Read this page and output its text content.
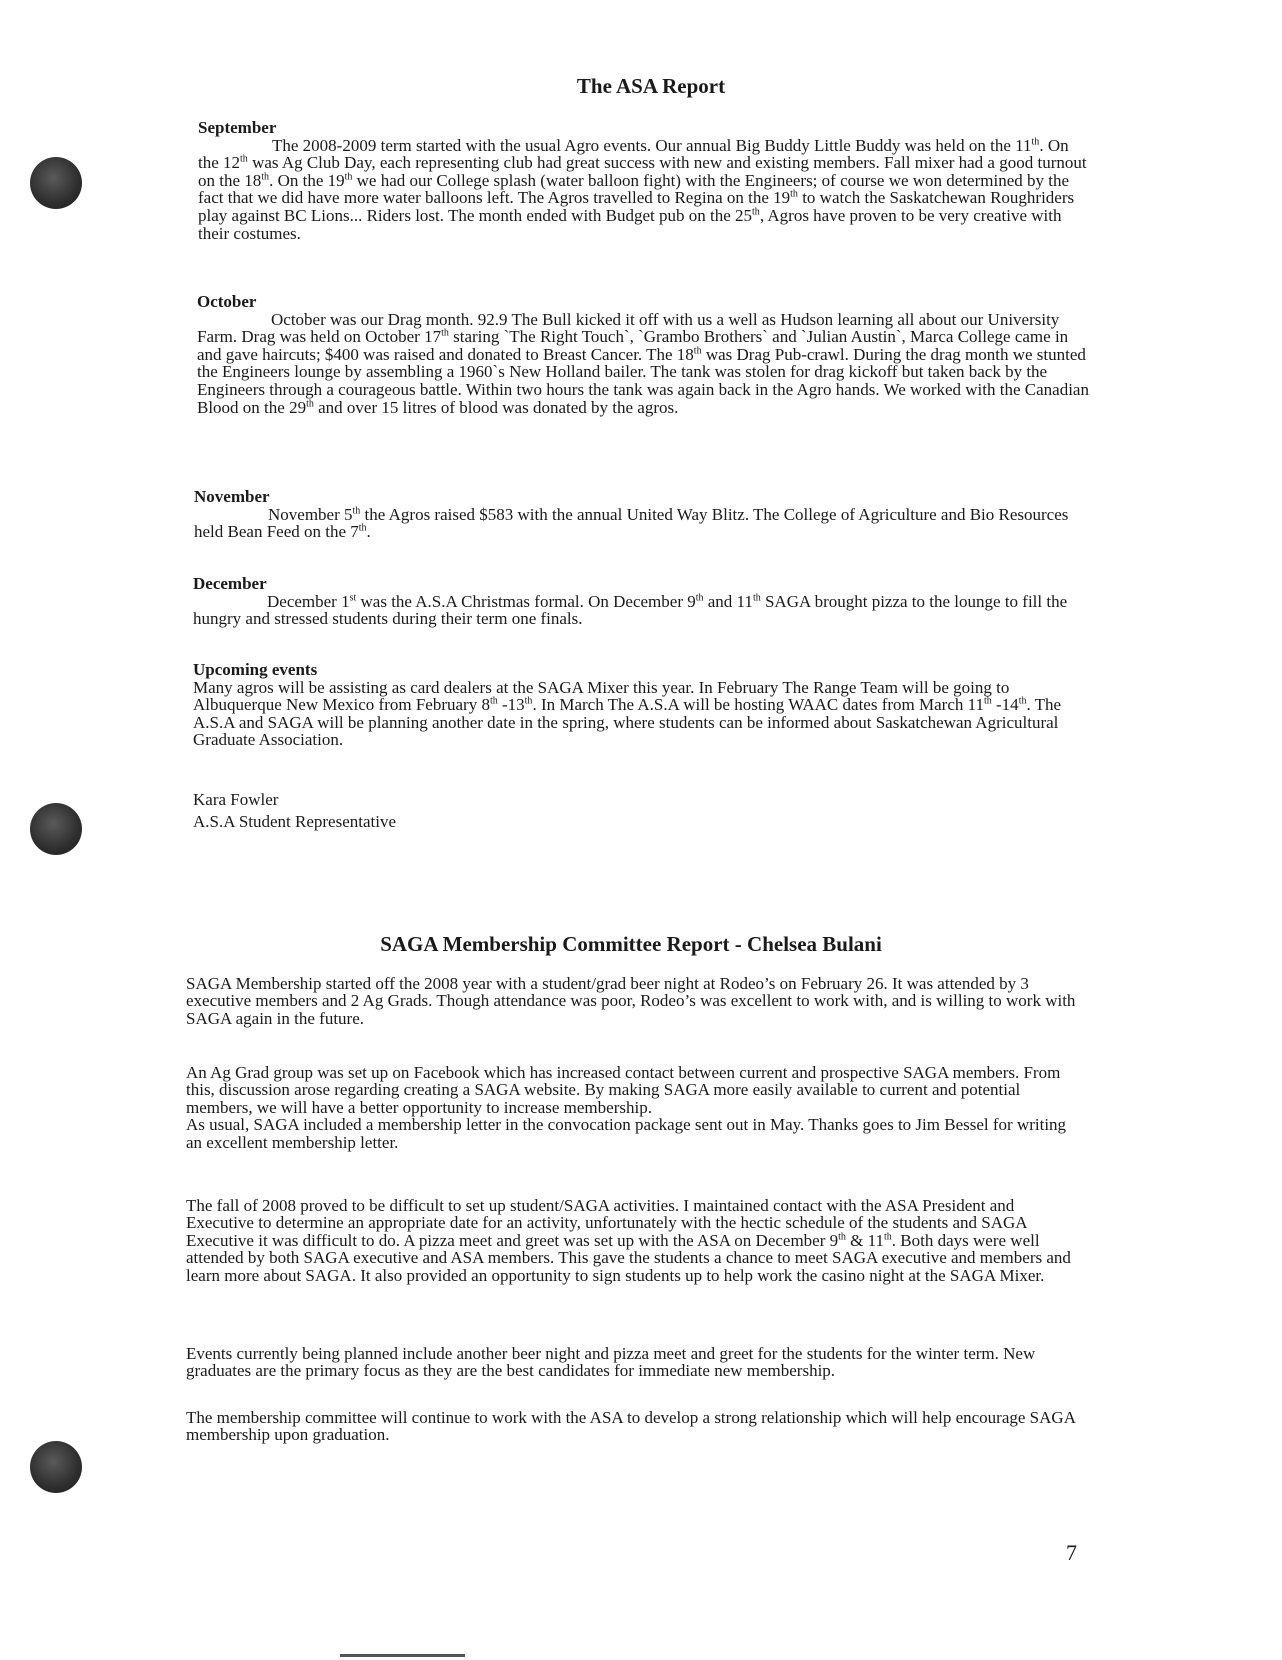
The ASA Report
September

The 2008-2009 term started with the usual Agro events. Our annual Big Buddy Little Buddy was held on the 11th. On the 12th was Ag Club Day, each representing club had great success with new and existing members. Fall mixer had a good turnout on the 18th. On the 19th we had our College splash (water balloon fight) with the Engineers; of course we won determined by the fact that we did have more water balloons left. The Agros travelled to Regina on the 19th to watch the Saskatchewan Roughriders play against BC Lions... Riders lost. The month ended with Budget pub on the 25th, Agros have proven to be very creative with their costumes.

October

October was our Drag month. 92.9 The Bull kicked it off with us a well as Hudson learning all about our University Farm. Drag was held on October 17th staring `The Right Touch`, `Grambo Brothers` and `Julian Austin`, Marca College came in and gave haircuts; $400 was raised and donated to Breast Cancer. The 18th was Drag Pub-crawl. During the drag month we stunted the Engineers lounge by assembling a 1960`s New Holland bailer. The tank was stolen for drag kickoff but taken back by the Engineers through a courageous battle. Within two hours the tank was again back in the Agro hands. We worked with the Canadian Blood on the 29th and over 15 litres of blood was donated by the agros.

November

November 5th the Agros raised $583 with the annual United Way Blitz. The College of Agriculture and Bio Resources held Bean Feed on the 7th.

December

December 1st was the A.S.A Christmas formal. On December 9th and 11th SAGA brought pizza to the lounge to fill the hungry and stressed students during their term one finals.

Upcoming events

Many agros will be assisting as card dealers at the SAGA Mixer this year. In February The Range Team will be going to Albuquerque New Mexico from February 8th -13th. In March The A.S.A will be hosting WAAC dates from March 11th -14th. The A.S.A and SAGA will be planning another date in the spring, where students can be informed about Saskatchewan Agricultural Graduate Association.

Kara Fowler
A.S.A Student Representative
SAGA Membership Committee Report - Chelsea Bulani

SAGA Membership started off the 2008 year with a student/grad beer night at Rodeo’s on February 26. It was attended by 3 executive members and 2 Ag Grads. Though attendance was poor, Rodeo’s was excellent to work with, and is willing to work with SAGA again in the future.

An Ag Grad group was set up on Facebook which has increased contact between current and prospective SAGA members. From this, discussion arose regarding creating a SAGA website. By making SAGA more easily available to current and potential members, we will have a better opportunity to increase membership.

As usual, SAGA included a membership letter in the convocation package sent out in May. Thanks goes to Jim Bessel for writing an excellent membership letter.

The fall of 2008 proved to be difficult to set up student/SAGA activities. I maintained contact with the ASA President and Executive to determine an appropriate date for an activity, unfortunately with the hectic schedule of the students and SAGA Executive it was difficult to do. A pizza meet and greet was set up with the ASA on December 9th & 11th. Both days were well attended by both SAGA executive and ASA members. This gave the students a chance to meet SAGA executive and members and learn more about SAGA. It also provided an opportunity to sign students up to help work the casino night at the SAGA Mixer.

Events currently being planned include another beer night and pizza meet and greet for the students for the winter term. New graduates are the primary focus as they are the best candidates for immediate new membership.

The membership committee will continue to work with the ASA to develop a strong relationship which will help encourage SAGA membership upon graduation.

7
